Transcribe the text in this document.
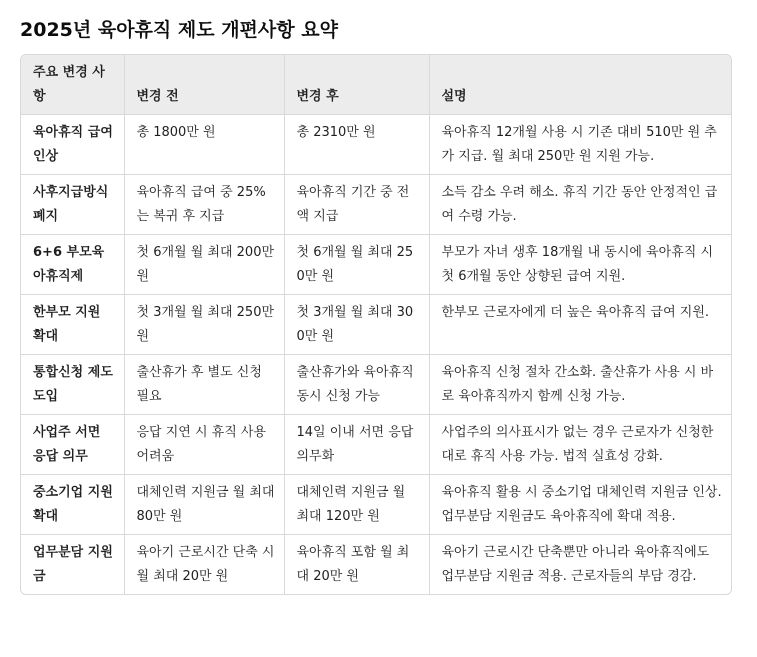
2025년 육아휴직 제도 개편사항 요약
주요 변경 사항	변경 전	변경 후	설명
육아휴직 급여 인상	총 1800만 원	총 2310만 원	육아휴직 12개월 사용 시 기존 대비 510만 원 추가 지급. 월 최대 250만 원 지원 가능.
사후지급방식 폐지	육아휴직 급여 중 25%는 복귀 후 지급	육아휴직 기간 중 전액 지급	소득 감소 우려 해소. 휴직 기간 동안 안정적인 급여 수령 가능.
6+6 부모육아휴직제	첫 6개월 월 최대 200만 원	첫 6개월 월 최대 250만 원	부모가 자녀 생후 18개월 내 동시에 육아휴직 시 첫 6개월 동안 상향된 급여 지원.
한부모 지원 확대	첫 3개월 월 최대 250만 원	첫 3개월 월 최대 300만 원	한부모 근로자에게 더 높은 육아휴직 급여 지원.
통합신청 제도 도입	출산휴가 후 별도 신청 필요	출산휴가와 육아휴직 동시 신청 가능	육아휴직 신청 절차 간소화. 출산휴가 사용 시 바로 육아휴직까지 함께 신청 가능.
사업주 서면 응답 의무	응답 지연 시 휴직 사용 어려움	14일 이내 서면 응답 의무화	사업주의 의사표시가 없는 경우 근로자가 신청한 대로 휴직 사용 가능. 법적 실효성 강화.
중소기업 지원 확대	대체인력 지원금 월 최대 80만 원	대체인력 지원금 월 최대 120만 원	육아휴직 활용 시 중소기업 대체인력 지원금 인상. 업무분담 지원금도 육아휴직에 확대 적용.
업무분담 지원금	육아기 근로시간 단축 시 월 최대 20만 원	육아휴직 포함 월 최대 20만 원	육아기 근로시간 단축뿐만 아니라 육아휴직에도 업무분담 지원금 적용. 근로자들의 부담 경감.
